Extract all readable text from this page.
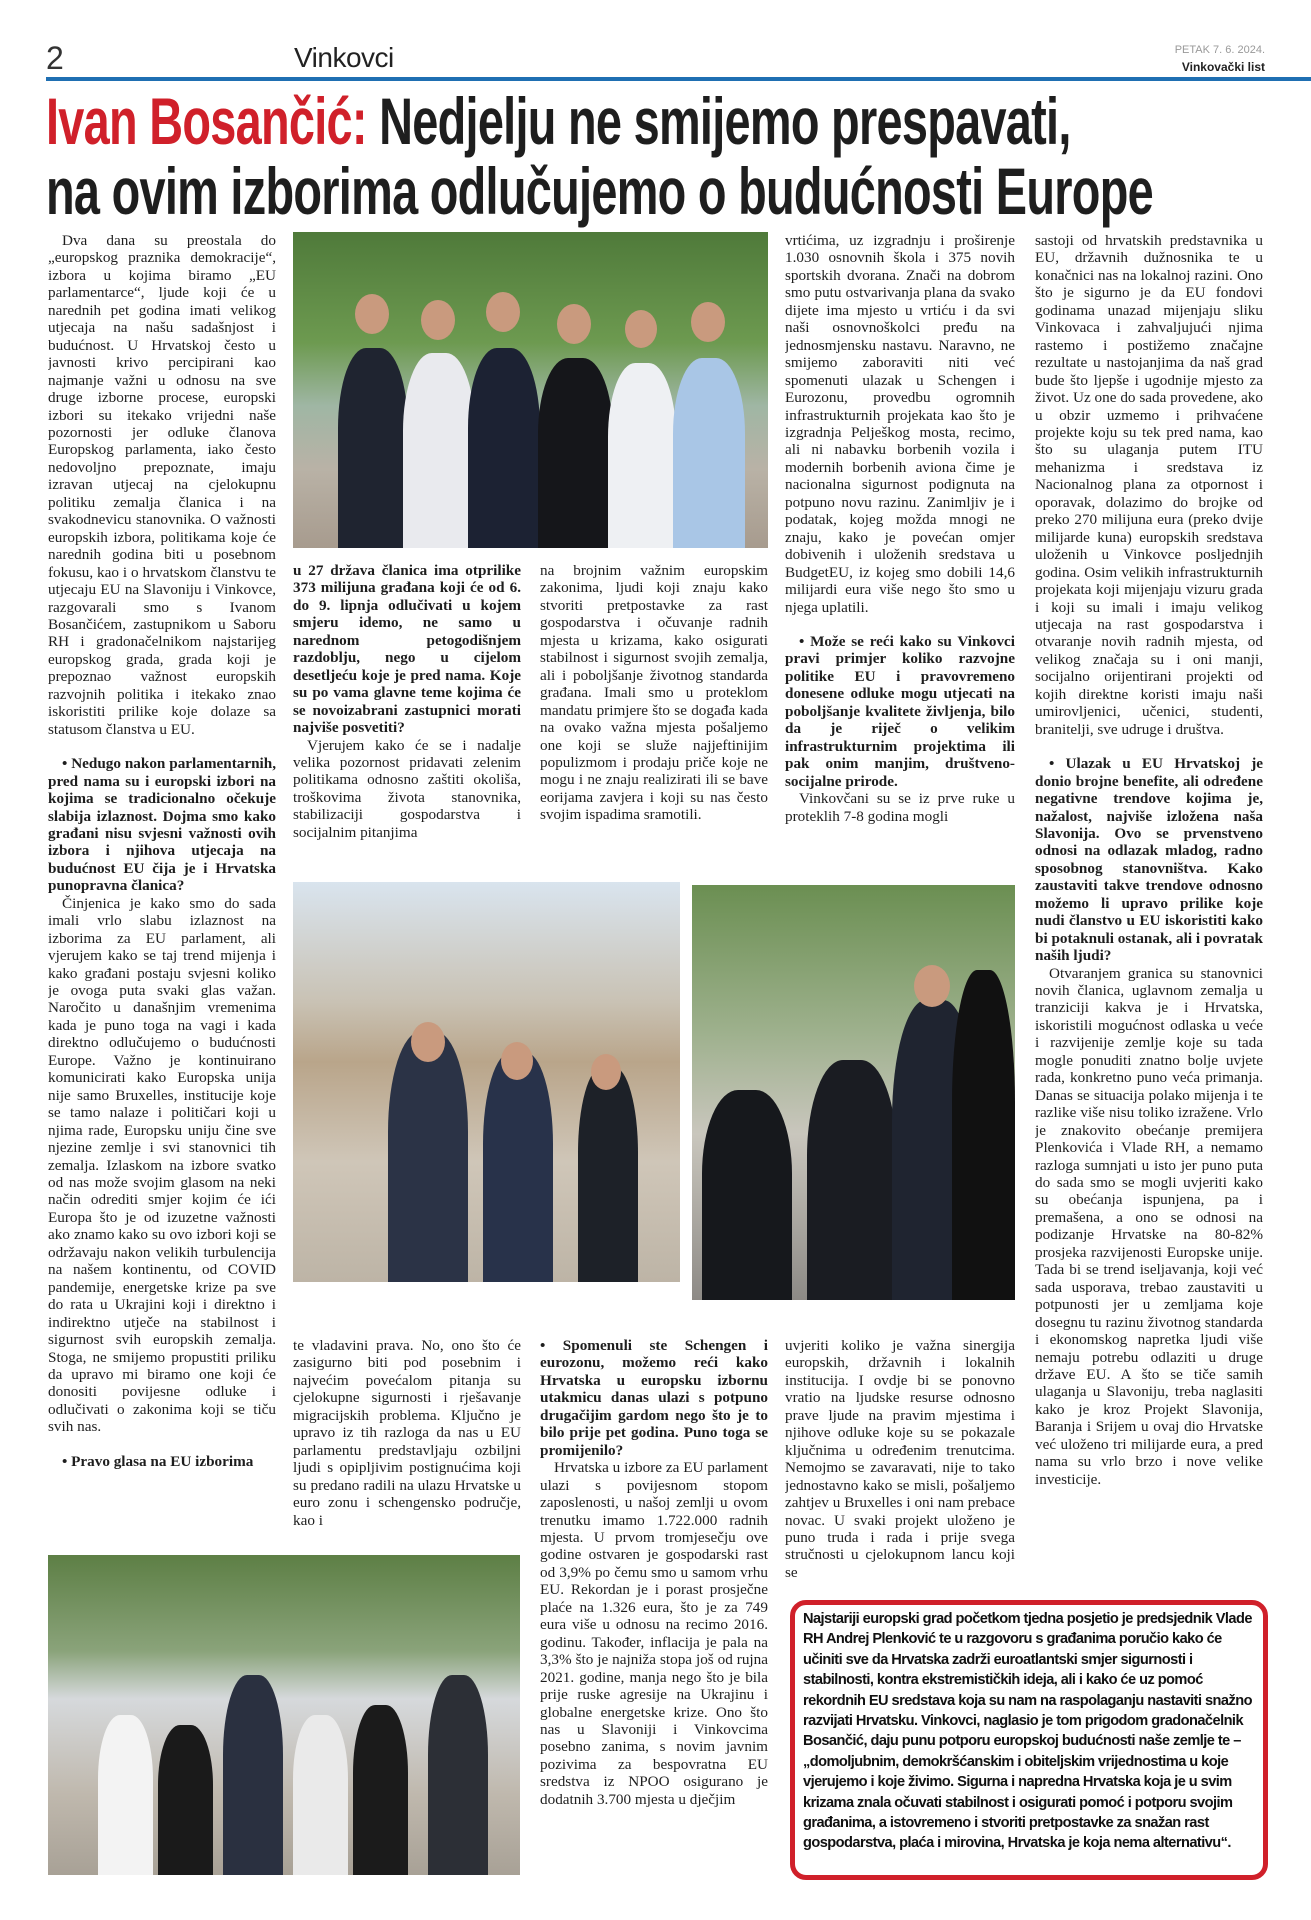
2	Vinkovci	PETAK 7. 6. 2024.
Vinkovački list
Ivan Bosančić: Nedjelju ne smijemo prespavati,
na ovim izborima odlučujemo o budućnosti Europe

Dva dana su preostala do „europskog praznika demokracije“, izbora u kojima biramo „EU parlamentarce“, ljude koji će u narednih pet godina imati velikog utjecaja na našu sadašnjost i budućnost. U Hrvatskoj često u javnosti krivo percipirani kao najmanje važni u odnosu na sve druge izborne procese, europski izbori su itekako vrijedni naše pozornosti jer odluke članova Europskog parlamenta, iako često nedovoljno prepoznate, imaju izravan utjecaj na cjelokupnu politiku zemalja članica i na svakodnevicu stanovnika. O važnosti europskih izbora, politikama koje će narednih godina biti u posebnom fokusu, kao i o hrvatskom članstvu te utjecaju EU na Slavoniju i Vinkovce, razgovarali smo s Ivanom Bosančićem, zastupnikom u Saboru RH i gradonačelnikom najstarijeg europskog grada, grada koji je prepoznao važnost europskih razvojnih politika i itekako znao iskoristiti prilike koje dolaze sa statusom članstva u EU.

• Nedugo nakon parlamentarnih, pred nama su i europski izbori na kojima se tradicionalno očekuje slabija izlaznost. Dojma smo kako građani nisu svjesni važnosti ovih izbora i njihova utjecaja na budućnost EU čija je i Hrvatska punopravna članica?

Činjenica je kako smo do sada imali vrlo slabu izlaznost na izborima za EU parlament, ali vjerujem kako se taj trend mijenja i kako građani postaju svjesni koliko je ovoga puta svaki glas važan. Naročito u današnjim vremenima kada je puno toga na vagi i kada direktno odlučujemo o budućnosti Europe. Važno je kontinuirano komunicirati kako Europska unija nije samo Bruxelles, institucije koje se tamo nalaze i političari koji u njima rade, Europsku uniju čine sve njezine zemlje i svi stanovnici tih zemalja. Izlaskom na izbore svatko od nas može svojim glasom na neki način odrediti smjer kojim će ići Europa što je od izuzetne važnosti ako znamo kako su ovo izbori koji se održavaju nakon velikih turbulencija na našem kontinentu, od COVID pandemije, energetske krize pa sve do rata u Ukrajini koji i direktno i indirektno utječe na stabilnost i sigurnost svih europskih zemalja. Stoga, ne smijemo propustiti priliku da upravo mi biramo one koji će donositi povijesne odluke i odlučivati o zakonima koji se tiču svih nas.

• Pravo glasa na EU izborima

u 27 država članica ima otprilike 373 milijuna građana koji će od 6. do 9. lipnja odlučivati u kojem smjeru idemo, ne samo u narednom petogodišnjem razdoblju, nego u cijelom desetljeću koje je pred nama. Koje su po vama glavne teme kojima će se novoizabrani zastupnici morati najviše posvetiti?

Vjerujem kako će se i nadalje velika pozornost pridavati zelenim politikama odnosno zaštiti okoliša, troškovima života stanovnika, stabilizaciji gospodarstva i socijalnim pitanjima

na brojnim važnim europskim zakonima, ljudi koji znaju kako stvoriti pretpostavke za rast gospodarstva i očuvanje radnih mjesta u krizama, kako osigurati stabilnost i sigurnost svojih zemalja, ali i poboljšanje životnog standarda građana. Imali smo u proteklom mandatu primjere što se događa kada na ovako važna mjesta pošaljemo one koji se služe najjeftinijim populizmom i prodaju priče koje ne mogu i ne znaju realizirati ili se bave eorijama zavjera i koji su nas često svojim ispadima sramotili.

vrtićima, uz izgradnju i proširenje 1.030 osnovnih škola i 375 novih sportskih dvorana. Znači na dobrom smo putu ostvarivanja plana da svako dijete ima mjesto u vrtiću i da svi naši osnovnoškolci pređu na jednosmjensku nastavu. Naravno, ne smijemo zaboraviti niti već spomenuti ulazak u Schengen i Eurozonu, provedbu ogromnih infrastrukturnih projekata kao što je izgradnja Pelješkog mosta, recimo, ali ni nabavku borbenih vozila i modernih borbenih aviona čime je nacionalna sigurnost podignuta na potpuno novu razinu. Zanimljiv je i podatak, kojeg možda mnogi ne znaju, kako je povećan omjer dobivenih i uloženih sredstava u BudgetEU, iz kojeg smo dobili 14,6 milijardi eura više nego što smo u njega uplatili.

• Može se reći kako su Vinkovci pravi primjer koliko razvojne politike EU i pravovremeno donesene odluke mogu utjecati na poboljšanje kvalitete življenja, bilo da je riječ o velikim infrastrukturnim projektima ili pak onim manjim, društveno-socijalne prirode.

Vinkovčani su se iz prve ruke u proteklih 7-8 godina mogli

sastoji od hrvatskih predstavnika u EU, državnih dužnosnika te u konačnici nas na lokalnoj razini. Ono što je sigurno je da EU fondovi godinama unazad mijenjaju sliku Vinkovaca i zahvaljujući njima rastemo i postižemo značajne rezultate u nastojanjima da naš grad bude što ljepše i ugodnije mjesto za život. Uz one do sada provedene, ako u obzir uzmemo i prihvaćene projekte koju su tek pred nama, kao što su ulaganja putem ITU mehanizma i sredstava iz Nacionalnog plana za otpornost i oporavak, dolazimo do brojke od preko 270 milijuna eura (preko dvije milijarde kuna) europskih sredstava uloženih u Vinkovce posljednjih godina. Osim velikih infrastrukturnih projekata koji mijenjaju vizuru grada i koji su imali i imaju velikog utjecaja na rast gospodarstva i otvaranje novih radnih mjesta, od velikog značaja su i oni manji, socijalno orijentirani projekti od kojih direktne koristi imaju naši umirovljenici, učenici, studenti, branitelji, sve udruge i društva.

• Ulazak u EU Hrvatskoj je donio brojne benefite, ali određene negativne trendove kojima je, nažalost, najviše izložena naša Slavonija. Ovo se prvenstveno odnosi na odlazak mladog, radno sposobnog stanovništva. Kako zaustaviti takve trendove odnosno možemo li upravo prilike koje nudi članstvo u EU iskoristiti kako bi potaknuli ostanak, ali i povratak naših ljudi?

Otvaranjem granica su stanovnici novih članica, uglavnom zemalja u tranziciji kakva je i Hrvatska, iskoristili mogućnost odlaska u veće i razvijenije zemlje koje su tada mogle ponuditi znatno bolje uvjete rada, konkretno puno veća primanja. Danas se situacija polako mijenja i te razlike više nisu toliko izražene. Vrlo je znakovito obećanje premijera Plenkovića i Vlade RH, a nemamo razloga sumnjati u isto jer puno puta do sada smo se mogli uvjeriti kako su obećanja ispunjena, pa i premašena, a ono se odnosi na podizanje Hrvatske na 80-82% prosjeka razvijenosti Europske unije. Tada bi se trend iseljavanja, koji već sada usporava, trebao zaustaviti u potpunosti jer u zemljama koje dosegnu tu razinu životnog standarda i ekonomskog napretka ljudi više nemaju potrebu odlaziti u druge države EU. A što se tiče samih ulaganja u Slavoniju, treba naglasiti kako je kroz Projekt Slavonija, Baranja i Srijem u ovaj dio Hrvatske već uloženo tri milijarde eura, a pred nama su vrlo brzo i nove velike investicije.

te vladavini prava. No, ono što će zasigurno biti pod posebnim i najvećim povećalom pitanja su cjelokupne sigurnosti i rješavanje migracijskih problema. Ključno je upravo iz tih razloga da nas u EU parlamentu predstavljaju ozbiljni ljudi s opipljivim postignućima koji su predano radili na ulazu Hrvatske u euro zonu i schengensko područje, kao i

• Spomenuli ste Schengen i eurozonu, možemo reći kako Hrvatska u europsku izbornu utakmicu danas ulazi s potpuno drugačijim gardom nego što je to bilo prije pet godina. Puno toga se promijenilo?

Hrvatska u izbore za EU parlament ulazi s povijesnom stopom zaposlenosti, u našoj zemlji u ovom trenutku imamo 1.722.000 radnih mjesta. U prvom tromjesečju ove godine ostvaren je gospodarski rast od 3,9% po čemu smo u samom vrhu EU. Rekordan je i porast prosječne plaće na 1.326 eura, što je za 749 eura više u odnosu na recimo 2016. godinu. Također, inflacija je pala na 3,3% što je najniža stopa još od rujna 2021. godine, manja nego što je bila prije ruske agresije na Ukrajinu i globalne energetske krize. Ono što nas u Slavoniji i Vinkovcima posebno zanima, s novim javnim pozivima za bespovratna EU sredstva iz NPOO osigurano je dodatnih 3.700 mjesta u dječjim

uvjeriti koliko je važna sinergija europskih, državnih i lokalnih institucija. I ovdje bi se ponovno vratio na ljudske resurse odnosno prave ljude na pravim mjestima i njihove odluke koje su se pokazale ključnima u određenim trenutcima. Nemojmo se zavaravati, nije to tako jednostavno kako se misli, pošaljemo zahtjev u Bruxelles i oni nam prebace novac. U svaki projekt uloženo je puno truda i rada i prije svega stručnosti u cjelokupnom lancu koji se

Najstariji europski grad početkom tjedna posjetio je predsjednik Vlade RH Andrej Plenković te u razgovoru s građanima poručio kako će učiniti sve da Hrvatska zadrži euroatlantski smjer sigurnosti i stabilnosti, kontra ekstremističkih ideja, ali i kako će uz pomoć rekordnih EU sredstava koja su nam na raspolaganju nastaviti snažno razvijati Hrvatsku. Vinkovci, naglasio je tom prigodom gradonačelnik Bosančić, daju punu potporu europskoj budućnosti naše zemlje te – „domoljubnim, demokršćanskim i obiteljskim vrijednostima u koje vjerujemo i koje živimo. Sigurna i napredna Hrvatska koja je u svim krizama znala očuvati stabilnost i osigurati pomoć i potporu svojim građanima, a istovremeno i stvoriti pretpostavke za snažan rast gospodarstva, plaća i mirovina, Hrvatska je koja nema alternativu“.
